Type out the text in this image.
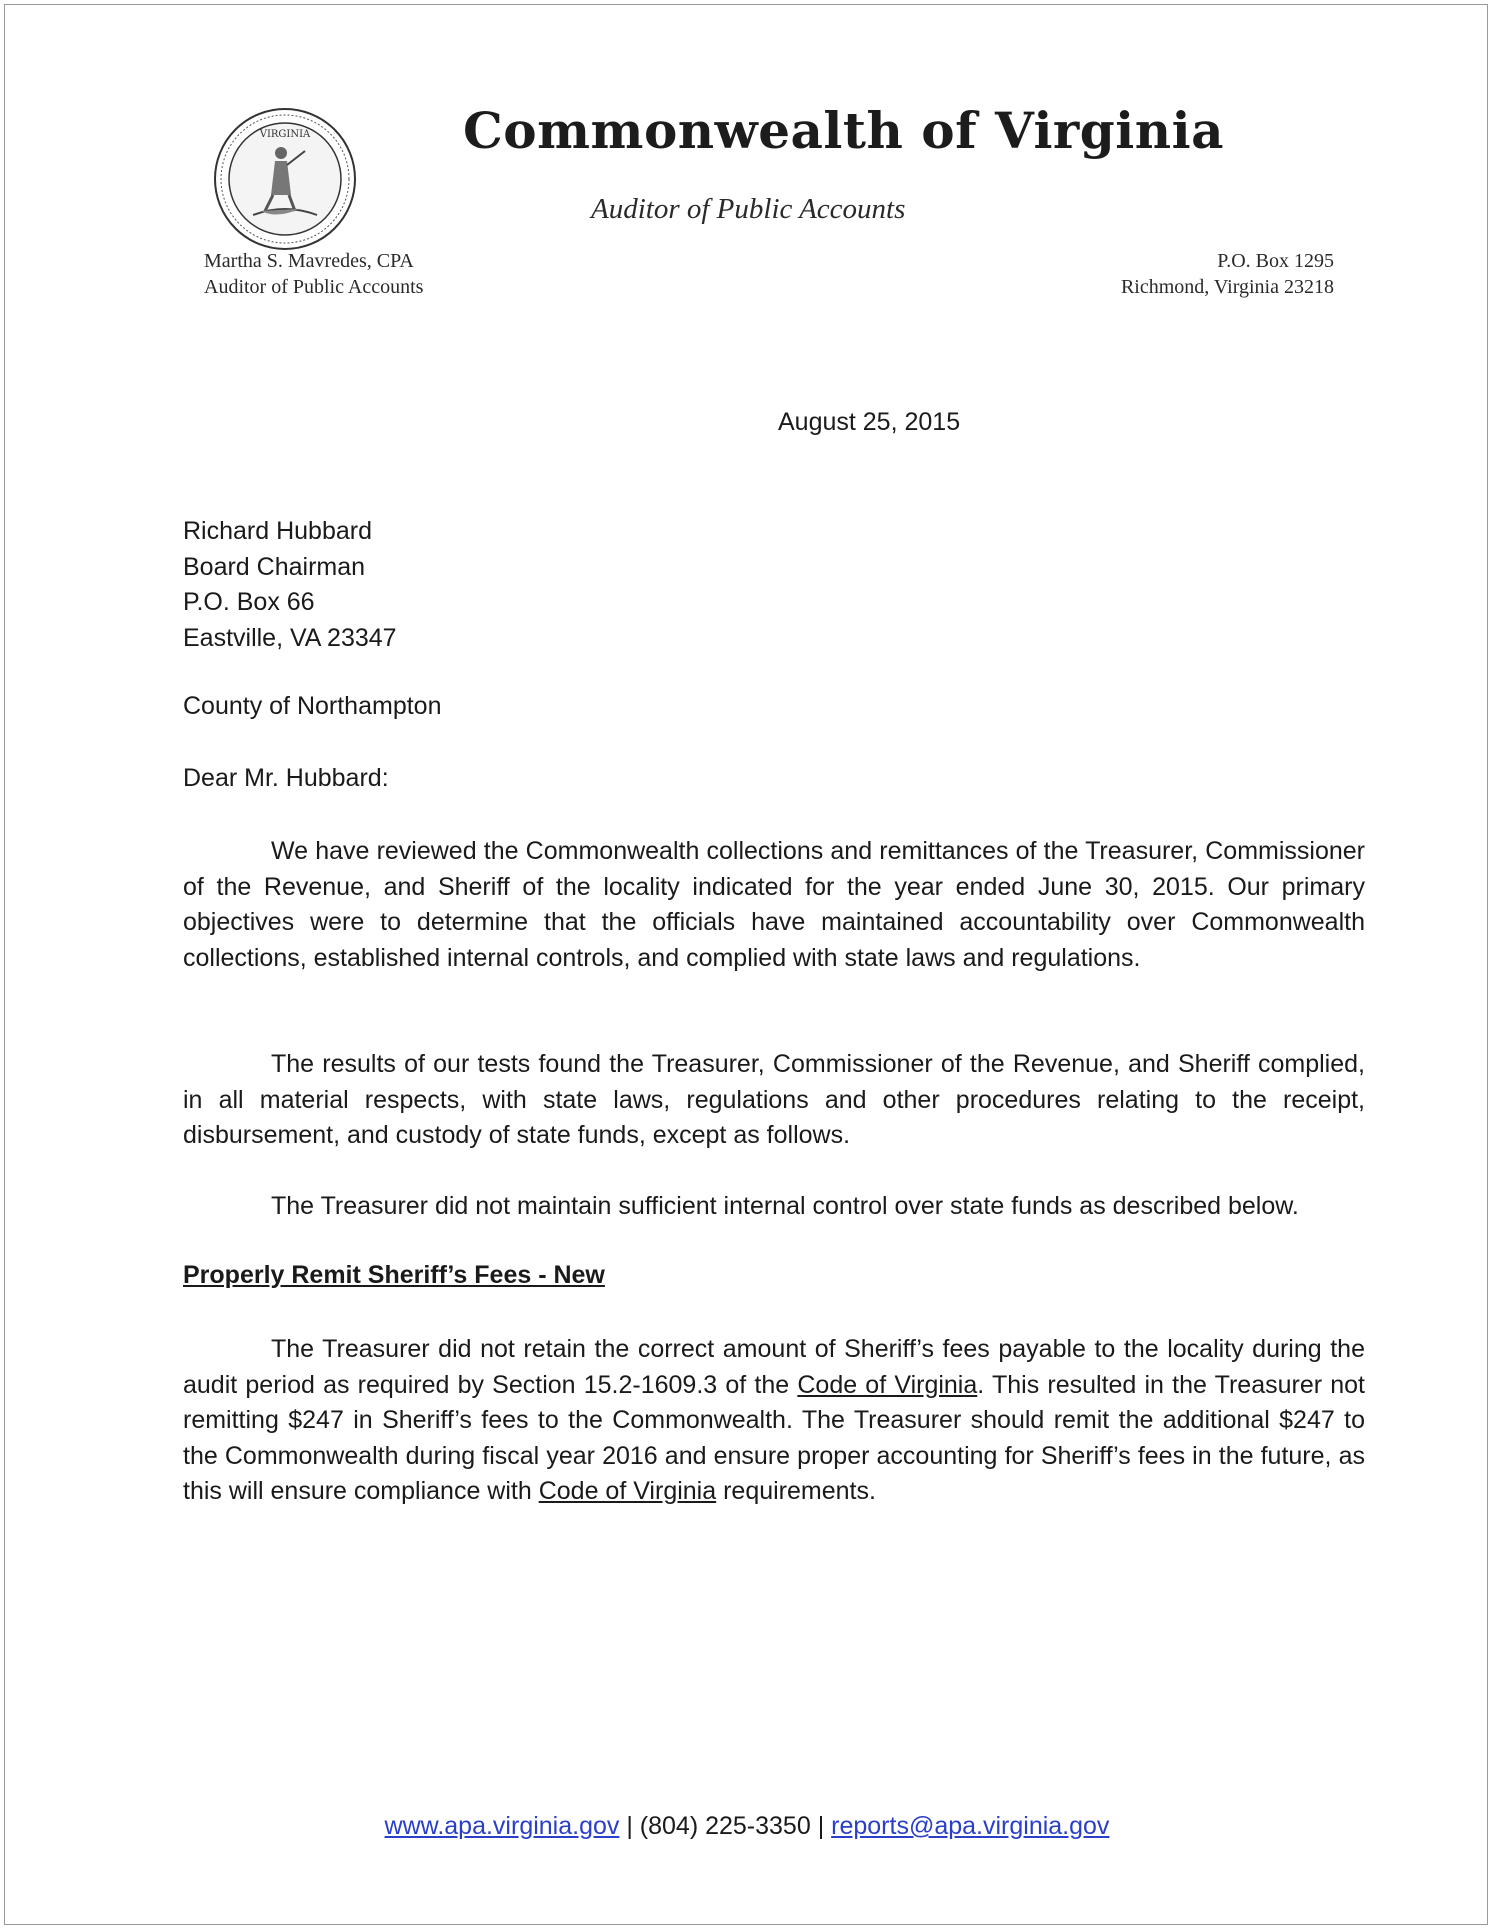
VIRGINIA	Commonwealth of Virginia
Auditor of Public Accounts
Martha S. Mavredes, CPA
Auditor of Public Accounts
P.O. Box 1295
Richmond, Virginia 23218
August 25, 2015
Richard Hubbard
Board Chairman
P.O. Box 66
Eastville, VA 23347
County of Northampton
Dear Mr. Hubbard:

We have reviewed the Commonwealth collections and remittances of the Treasurer, Commissioner of the Revenue, and Sheriff of the locality indicated for the year ended June 30, 2015. Our primary objectives were to determine that the officials have maintained accountability over Commonwealth collections, established internal controls, and complied with state laws and regulations.

The results of our tests found the Treasurer, Commissioner of the Revenue, and Sheriff complied, in all material respects, with state laws, regulations and other procedures relating to the receipt, disbursement, and custody of state funds, except as follows.

The Treasurer did not maintain sufficient internal control over state funds as described below.

Properly Remit Sheriff’s Fees - New

The Treasurer did not retain the correct amount of Sheriff’s fees payable to the locality during the audit period as required by Section 15.2-1609.3 of the Code of Virginia. This resulted in the Treasurer not remitting $247 in Sheriff’s fees to the Commonwealth. The Treasurer should remit the additional $247 to the Commonwealth during fiscal year 2016 and ensure proper accounting for Sheriff’s fees in the future, as this will ensure compliance with Code of Virginia requirements.

www.apa.virginia.gov | (804) 225-3350 | reports@apa.virginia.gov
